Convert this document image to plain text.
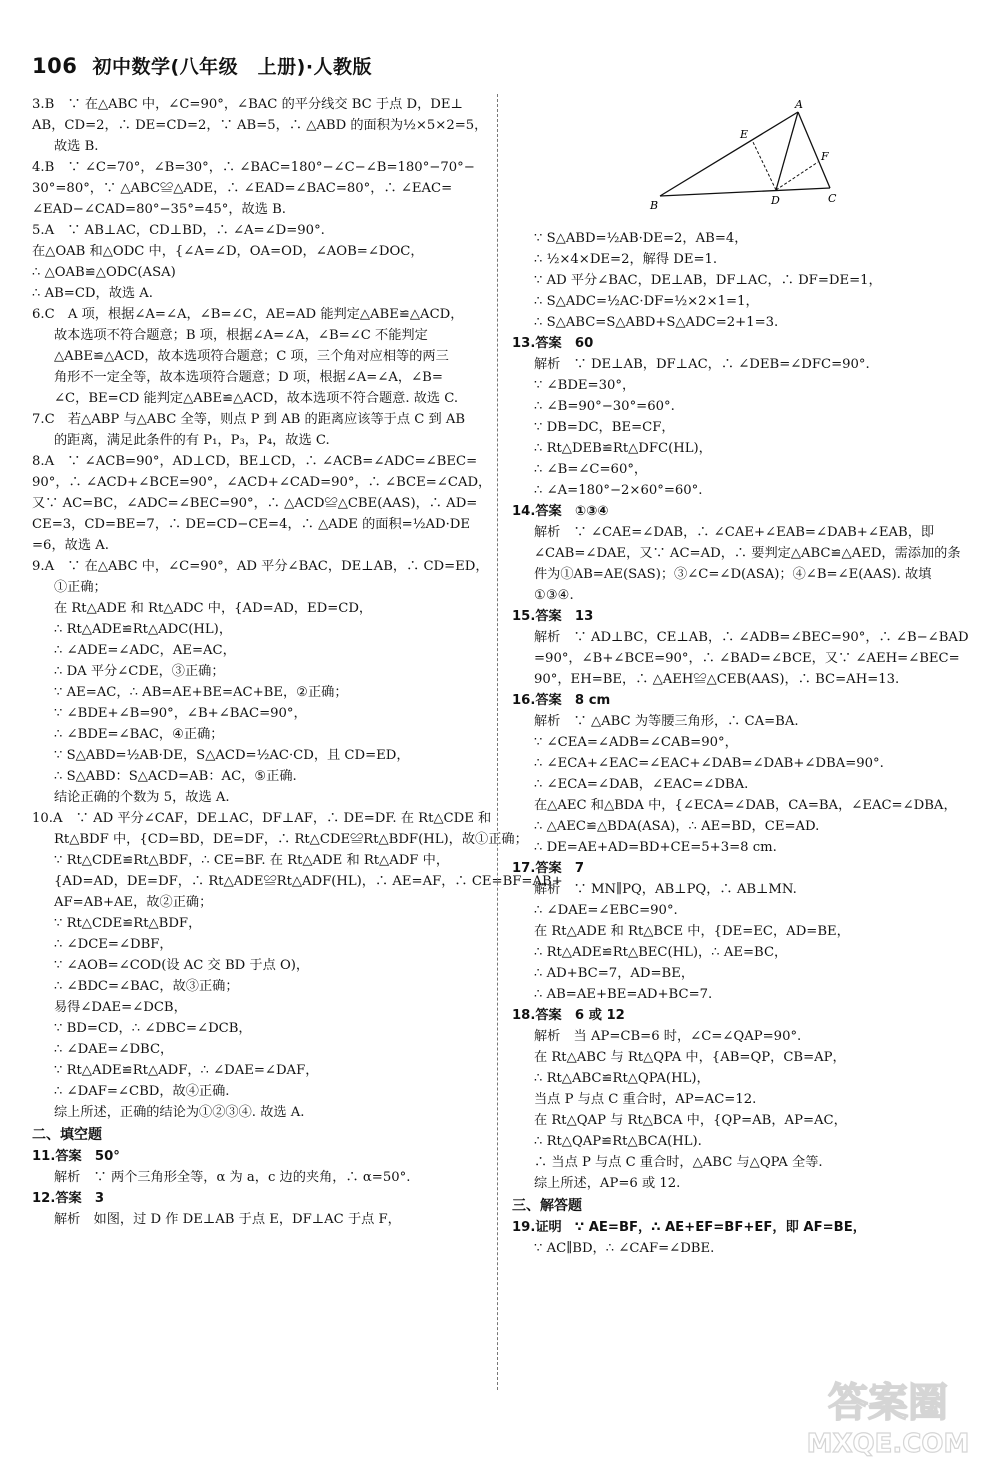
106 初中数学(八年级　上册)·人教版
3.B　∵ 在△ABC 中，∠C=90°，∠BAC 的平分线交 BC 于点 D，DE⊥
AB，CD=2，∴ DE=CD=2，∵ AB=5，∴ △ABD 的面积为½×5×2=5，
故选 B.
4.B　∵ ∠C=70°，∠B=30°，∴ ∠BAC=180°−∠C−∠B=180°−70°−
30°=80°，∵ △ABC≌△ADE，∴ ∠EAD=∠BAC=80°，∴ ∠EAC=
∠EAD−∠CAD=80°−35°=45°，故选 B.
5.A　∵ AB⊥AC，CD⊥BD，∴ ∠A=∠D=90°.
在△OAB 和△ODC 中，{∠A=∠D，OA=OD，∠AOB=∠DOC，
∴ △OAB≌△ODC(ASA)
∴ AB=CD，故选 A.
6.C　A 项，根据∠A=∠A，∠B=∠C，AE=AD 能判定△ABE≌△ACD，
故本选项不符合题意；B 项，根据∠A=∠A，∠B=∠C 不能判定
△ABE≌△ACD，故本选项符合题意；C 项，三个角对应相等的两三
角形不一定全等，故本选项符合题意；D 项，根据∠A=∠A，∠B=
∠C，BE=CD 能判定△ABE≌△ACD，故本选项不符合题意. 故选 C.
7.C　若△ABP 与△ABC 全等，则点 P 到 AB 的距离应该等于点 C 到 AB
的距离，满足此条件的有 P₁，P₃，P₄，故选 C.
8.A　∵ ∠ACB=90°，AD⊥CD，BE⊥CD，∴ ∠ACB=∠ADC=∠BEC=
90°，∴ ∠ACD+∠BCE=90°，∠ACD+∠CAD=90°，∴ ∠BCE=∠CAD，
又∵ AC=BC，∠ADC=∠BEC=90°，∴ △ACD≌△CBE(AAS)，∴ AD=
CE=3，CD=BE=7，∴ DE=CD−CE=4，∴ △ADE 的面积=½AD·DE
=6，故选 A.
9.A　∵ 在△ABC 中，∠C=90°，AD 平分∠BAC，DE⊥AB，∴ CD=ED，
①正确；
在 Rt△ADE 和 Rt△ADC 中，{AD=AD，ED=CD，
∴ Rt△ADE≌Rt△ADC(HL)，
∴ ∠ADE=∠ADC，AE=AC，
∴ DA 平分∠CDE，③正确；
∵ AE=AC，∴ AB=AE+BE=AC+BE，②正确；
∵ ∠BDE+∠B=90°，∠B+∠BAC=90°，
∴ ∠BDE=∠BAC，④正确；
∵ S△ABD=½AB·DE，S△ACD=½AC·CD，且 CD=ED，
∴ S△ABD：S△ACD=AB：AC，⑤正确.
结论正确的个数为 5，故选 A.
10.A　∵ AD 平分∠CAF，DE⊥AC，DF⊥AF，∴ DE=DF. 在 Rt△CDE 和
Rt△BDF 中，{CD=BD，DE=DF，∴ Rt△CDE≌Rt△BDF(HL)，故①正确；
∵ Rt△CDE≌Rt△BDF，∴ CE=BF. 在 Rt△ADE 和 Rt△ADF 中，
{AD=AD，DE=DF，∴ Rt△ADE≌Rt△ADF(HL)，∴ AE=AF，∴ CE=BF=AB+
AF=AB+AE，故②正确；
∵ Rt△CDE≌Rt△BDF，
∴ ∠DCE=∠DBF，
∵ ∠AOB=∠COD(设 AC 交 BD 于点 O)，
∴ ∠BDC=∠BAC，故③正确；
易得∠DAE=∠DCB，
∵ BD=CD，∴ ∠DBC=∠DCB，
∴ ∠DAE=∠DBC，
∵ Rt△ADE≌Rt△ADF，∴ ∠DAE=∠DAF，
∴ ∠DAF=∠CBD，故④正确.
综上所述，正确的结论为①②③④. 故选 A.
二、填空题
11.答案　50°
解析　∵ 两个三角形全等，α 为 a，c 边的夹角，∴ α=50°.
12.答案　3
解析　如图，过 D 作 DE⊥AB 于点 E，DF⊥AC 于点 F，
∵ S△ABD=½AB·DE=2，AB=4，
∴ ½×4×DE=2，解得 DE=1.
∵ AD 平分∠BAC，DE⊥AB，DF⊥AC，∴ DF=DE=1，
∴ S△ADC=½AC·DF=½×2×1=1，
∴ S△ABC=S△ABD+S△ADC=2+1=3.
13.答案　60
解析　∵ DE⊥AB，DF⊥AC，∴ ∠DEB=∠DFC=90°.
∵ ∠BDE=30°，
∴ ∠B=90°−30°=60°.
∵ DB=DC，BE=CF，
∴ Rt△DEB≌Rt△DFC(HL)，
∴ ∠B=∠C=60°，
∴ ∠A=180°−2×60°=60°.
14.答案　①③④
解析　∵ ∠CAE=∠DAB，∴ ∠CAE+∠EAB=∠DAB+∠EAB，即
∠CAB=∠DAE，又∵ AC=AD，∴ 要判定△ABC≌△AED，需添加的条
件为①AB=AE(SAS)；③∠C=∠D(ASA)；④∠B=∠E(AAS). 故填
①③④.
15.答案　13
解析　∵ AD⊥BC，CE⊥AB，∴ ∠ADB=∠BEC=90°，∴ ∠B−∠BAD
=90°，∠B+∠BCE=90°，∴ ∠BAD=∠BCE，又∵ ∠AEH=∠BEC=
90°，EH=BE，∴ △AEH≌△CEB(AAS)，∴ BC=AH=13.
16.答案　8 cm
解析　∵ △ABC 为等腰三角形，∴ CA=BA.
∵ ∠CEA=∠ADB=∠CAB=90°，
∴ ∠ECA+∠EAC=∠EAC+∠DAB=∠DAB+∠DBA=90°.
∴ ∠ECA=∠DAB，∠EAC=∠DBA.
在△AEC 和△BDA 中，{∠ECA=∠DAB，CA=BA，∠EAC=∠DBA，
∴ △AEC≌△BDA(ASA)，∴ AE=BD，CE=AD.
∴ DE=AE+AD=BD+CE=5+3=8 cm.
17.答案　7
解析　∵ MN∥PQ，AB⊥PQ，∴ AB⊥MN.
∴ ∠DAE=∠EBC=90°.
在 Rt△ADE 和 Rt△BCE 中，{DE=EC，AD=BE，
∴ Rt△ADE≌Rt△BEC(HL)，∴ AE=BC，
∴ AD+BC=7，AD=BE，
∴ AB=AE+BE=AD+BC=7.
18.答案　6 或 12
解析　当 AP=CB=6 时，∠C=∠QAP=90°.
在 Rt△ABC 与 Rt△QPA 中，{AB=QP，CB=AP，
∴ Rt△ABC≌Rt△QPA(HL)，
当点 P 与点 C 重合时，AP=AC=12.
在 Rt△QAP 与 Rt△BCA 中，{QP=AB，AP=AC，
∴ Rt△QAP≌Rt△BCA(HL).
∴ 当点 P 与点 C 重合时，△ABC 与△QPA 全等.
综上所述，AP=6 或 12.
三、解答题
19.证明　∵ AE=BF，∴ AE+EF=BF+EF，即 AF=BE，
∵ AC∥BD，∴ ∠CAF=∠DBE.
A
B
C
D
E
F
答案圈
MXQE.COM
